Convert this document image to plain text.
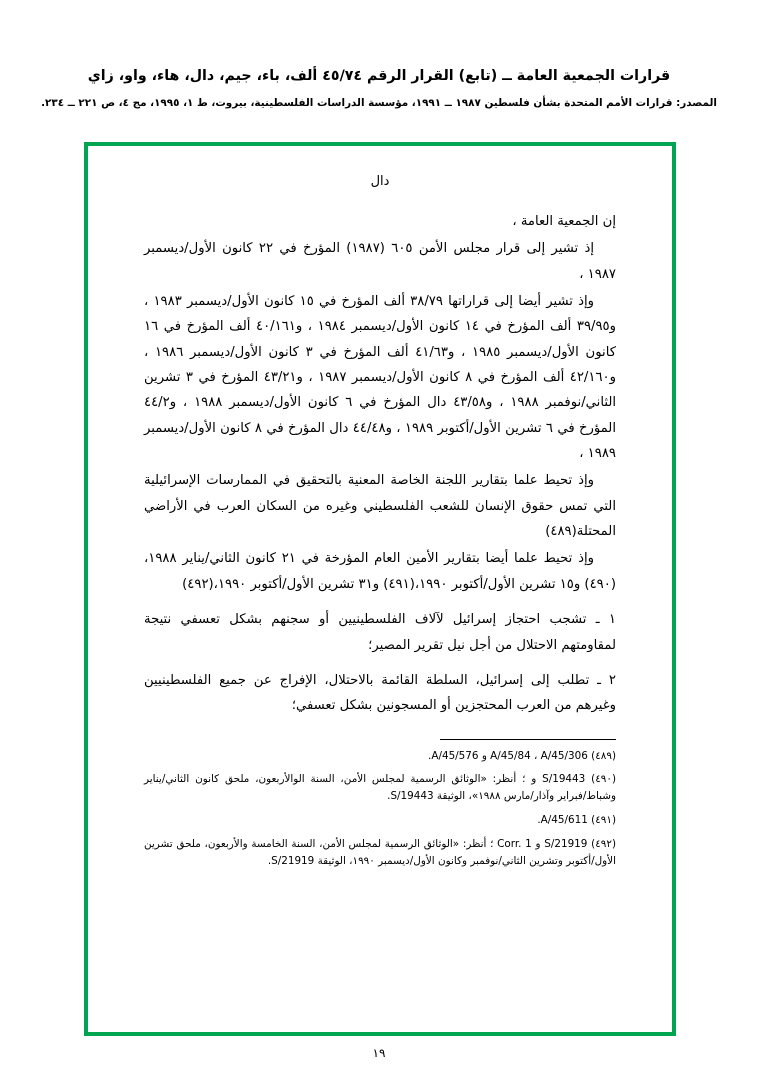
قرارات الجمعية العامة ــ (تابع) القرار الرقم ٤٥/٧٤ ألف، باء، جيم، دال، هاء، واو، زاي
المصدر: قرارات الأمم المتحدة بشأن فلسطين ١٩٨٧ ــ ١٩٩١، مؤسسة الدراسات الفلسطينية، بيروت، ط ١، ١٩٩٥، مج ٤، ص ٢٢١ ــ ٢٣٤.
دال
إن الجمعية العامة ،
إذ تشير إلى قرار مجلس الأمن ٦٠٥ (١٩٨٧) المؤرخ في ٢٢ كانون الأول/ديسمبر ١٩٨٧ ،
وإذ تشير أيضا إلى قراراتها ٣٨/٧٩ ألف المؤرخ في ١٥ كانون الأول/ديسمبر ١٩٨٣ ، و٣٩/٩٥ ألف المؤرخ في ١٤ كانون الأول/ديسمبر ١٩٨٤ ، و٤٠/١٦١ ألف المؤرخ في ١٦ كانون الأول/ديسمبر ١٩٨٥ ، و٤١/٦٣ ألف المؤرخ في ٣ كانون الأول/ديسمبر ١٩٨٦ ، و٤٢/١٦٠ ألف المؤرخ في ٨ كانون الأول/ديسمبر ١٩٨٧ ، و٤٣/٢١ المؤرخ في ٣ تشرين الثاني/نوفمبر ١٩٨٨ ، و٤٣/٥٨ دال المؤرخ في ٦ كانون الأول/ديسمبر ١٩٨٨ ، و٤٤/٢ المؤرخ في ٦ تشرين الأول/أكتوبر ١٩٨٩ ، و٤٤/٤٨ دال المؤرخ في ٨ كانون الأول/ديسمبر ١٩٨٩ ،
وإذ تحيط علما بتقارير اللجنة الخاصة المعنية بالتحقيق في الممارسات الإسرائيلية التي تمس حقوق الإنسان للشعب الفلسطيني وغيره من السكان العرب في الأراضي المحتلة(٤٨٩)
وإذ تحيط علما أيضا بتقارير الأمين العام المؤرخة في ٢١ كانون الثاني/يناير ١٩٨٨،(٤٩٠) و١٥ تشرين الأول/أكتوبر ١٩٩٠،(٤٩١) و٣١ تشرين الأول/أكتوبر ١٩٩٠،(٤٩٢)
١ ـ تشجب احتجاز إسرائيل لآلاف الفلسطينيين أو سجنهم بشكل تعسفي نتيجة لمقاومتهم الاحتلال من أجل نيل تقرير المصير؛
٢ ـ تطلب إلى إسرائيل، السلطة القائمة بالاحتلال، الإفراج عن جميع الفلسطينيين وغيرهم من العرب المحتجزين أو المسجونين بشكل تعسفي؛
(٤٨٩) A/45/84 ، A/45/306 و A/45/576.
(٤٩٠) S/19443 و ؛ أنظر: «الوثائق الرسمية لمجلس الأمن، السنة الوالأربعون، ملحق كانون الثاني/يناير وشباط/فبراير وآذار/مارس ١٩٨٨»، الوثيقة S/19443.
(٤٩١) A/45/611.
(٤٩٢) S/21919 و Corr. 1 ؛ أنظر: «الوثائق الرسمية لمجلس الأمن، السنة الخامسة والأربعون، ملحق تشرين الأول/أكتوبر وتشرين الثاني/نوفمبر وكانون الأول/ديسمبر ١٩٩٠، الوثيقة S/21919.
١٩
